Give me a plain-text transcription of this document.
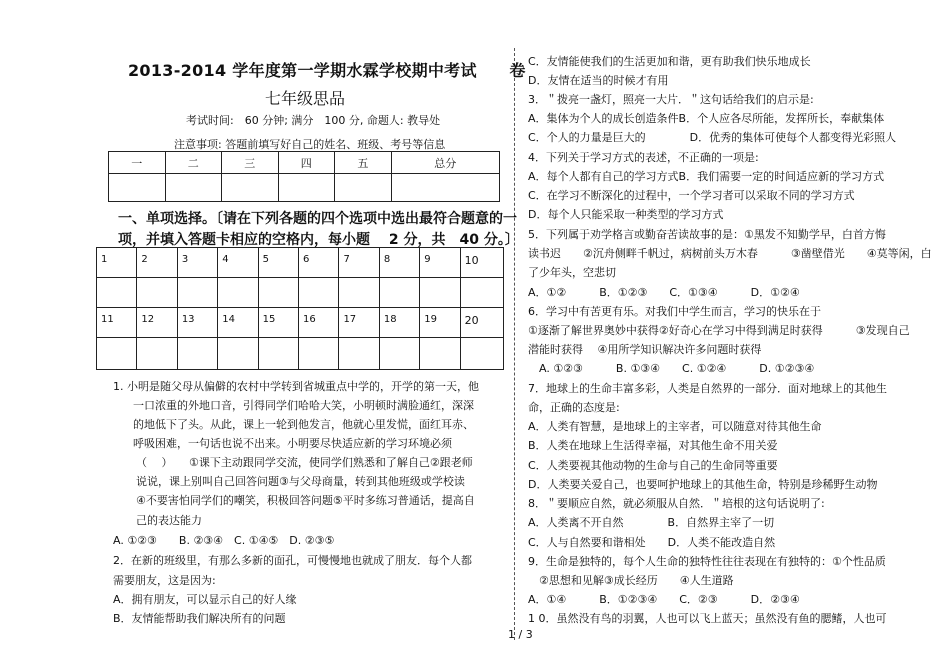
2013-2014 学年度第一学期水霖学校期中考试　　卷
七年级思品
考试时间:　60 分钟; 满分　100 分, 命题人: 教导处
注意事项: 答题前填写好自己的姓名、班级、考号等信息
一	二	三	四	五	总分

一、单项选择。〔请在下列各题的四个选项中选出最符合题意的一
项，并填入答题卡相应的空格内，每小题　 2 分，共　40 分。〕
1	2	3	4	5	6	7	8	9	10

11	12	13	14	15	16	17	18	19	20

1. 小明是随父母从偏僻的农村中学转到省城重点中学的，开学的第一天，他
一口浓重的外地口音，引得同学们哈哈大笑，小明顿时满脸通红，深深
的地低下了头。从此，课上一轮到他发言，他就心里发慌，面红耳赤、
呼吸困难，一句话也说不出来。小明要尽快适应新的学习环境必须
（　 ）　　①课下主动跟同学交流，使同学们熟悉和了解自己②跟老师
说说，课上别叫自己回答问题③与父母商量，转到其他班级或学校读
④不要害怕同学们的嘲笑，积极回答问题⑤平时多练习普通话，提高自
己的表达能力
A. ①②③　　B. ②③④　C. ①④⑤　D. ②③⑤
2．在新的班级里，有那么多新的面孔，可慢慢地也就成了朋友．每个人都
需要朋友，这是因为:
A．拥有朋友，可以显示自己的好人缘
B．友情能帮助我们解决所有的问题
C．友情能使我们的生活更加和谐，更有助我们快乐地成长
D．友情在适当的时候才有用
3．＂拨亮一盏灯，照亮一大片．＂这句话给我们的启示是:
A．集体为个人的成长创造条件B．个人应各尽所能，发挥所长，奉献集体
C．个人的力量是巨大的　　　　D．优秀的集体可使每个人都变得光彩照人
4．下列关于学习方式的表述，不正确的一项是:
A．每个人都有自己的学习方式B．我们需要一定的时间适应新的学习方式
C．在学习不断深化的过程中，一个学习者可以采取不同的学习方式
D．每个人只能采取一种类型的学习方式
5．下列属于劝学格言或勤奋苦读故事的是：①黑发不知勤学早，白首方悔
读书迟　　②沉舟侧畔千帆过，病树前头万木春　　　③凿壁借光　　④莫等闲，白
了少年头，空悲切
A．①②　　　B．①②③　　C．①③④　　　D．①②④
6．学习中有苦更有乐。对我们中学生而言，学习的快乐在于
①逐渐了解世界奥妙中获得②好奇心在学习中得到满足时获得　　　③发现自己
潜能时获得　 ④用所学知识解决许多问题时获得
　A. ①②③　　　B. ①③④　　C. ①②④　　　D. ①②③④
7．地球上的生命丰富多彩，人类是自然界的一部分．面对地球上的其他生
命，正确的态度是:
A．人类有智慧，是地球上的主宰者，可以随意对待其他生命
B．人类在地球上生活得幸福，对其他生命不用关爱
C．人类要视其他动物的生命与自己的生命同等重要
D．人类要关爱自己，也要呵护地球上的其他生命，特别是珍稀野生动物
8．＂要顺应自然，就必须服从自然．＂培根的这句话说明了:
A．人类离不开自然　　　　B．自然界主宰了一切
C．人与自然要和谐相处　　D．人类不能改造自然
9．生命是独特的，每个人生命的独特性往往表现在有独特的：①个性品质
　②思想和见解③成长经历　　④人生道路
A．①④　　　B．①②③④　　C．②③　　　D．②③④
1 0．虽然没有鸟的羽翼，人也可以飞上蓝天；虽然没有鱼的腮鳍，人也可
1 / 3
